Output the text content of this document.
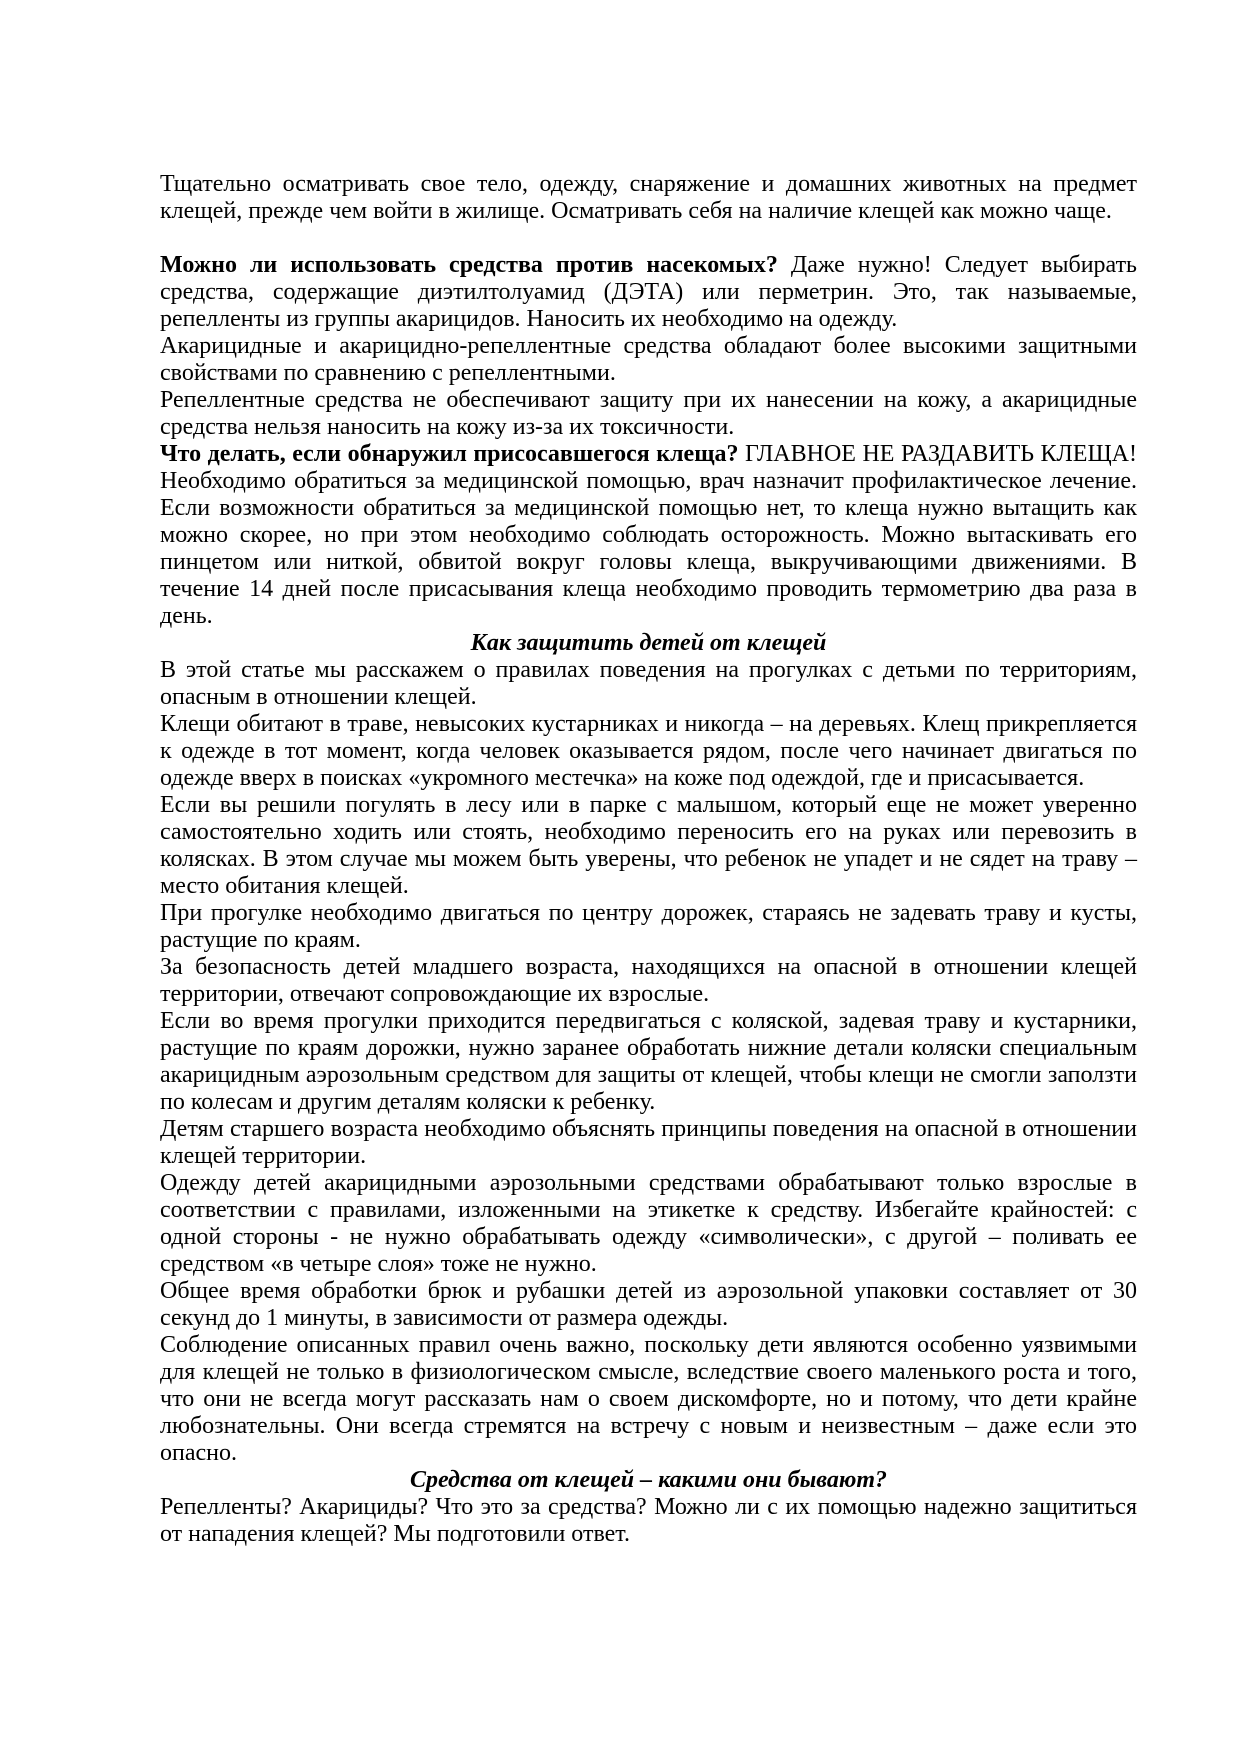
Тщательно осматривать свое тело, одежду, снаряжение и домашних животных на предмет клещей, прежде чем войти в жилище. Осматривать себя на наличие клещей как можно чаще.

Можно ли использовать средства против насекомых? Даже нужно! Следует выбирать средства, содержащие диэтилтолуамид (ДЭТА) или перметрин. Это, так называемые, репелленты из группы акарицидов. Наносить их необходимо на одежду.

Акарицидные и акарицидно-репеллентные средства обладают более высокими защитными свойствами по сравнению с репеллентными.

Репеллентные средства не обеспечивают защиту при их нанесении на кожу, а акарицидные средства нельзя наносить на кожу из-за их токсичности.

Что делать, если обнаружил присосавшегося клеща? ГЛАВНОЕ НЕ РАЗДАВИТЬ КЛЕЩА! Необходимо обратиться за медицинской помощью, врач назначит профилактическое лечение. Если возможности обратиться за медицинской помощью нет, то клеща нужно вытащить как можно скорее, но при этом необходимо соблюдать осторожность. Можно вытаскивать его пинцетом или ниткой, обвитой вокруг головы клеща, выкручивающими движениями. В течение 14 дней после присасывания клеща необходимо проводить термометрию два раза в день.

Как защитить детей от клещей

В этой статье мы расскажем о правилах поведения на прогулках с детьми по территориям, опасным в отношении клещей.

Клещи обитают в траве, невысоких кустарниках и никогда – на деревьях. Клещ прикрепляется к одежде в тот момент, когда человек оказывается рядом, после чего начинает двигаться по одежде вверх в поисках «укромного местечка» на коже под одеждой, где и присасывается.

Если вы решили погулять в лесу или в парке с малышом, который еще не может уверенно самостоятельно ходить или стоять, необходимо переносить его на руках или перевозить в колясках. В этом случае мы можем быть уверены, что ребенок не упадет и не сядет на траву – место обитания клещей.

При прогулке необходимо двигаться по центру дорожек, стараясь не задевать траву и кусты, растущие по краям.

За безопасность детей младшего возраста, находящихся на опасной в отношении клещей территории, отвечают сопровождающие их взрослые.

Если во время прогулки приходится передвигаться с коляской, задевая траву и кустарники, растущие по краям дорожки, нужно заранее обработать нижние детали коляски специальным акарицидным аэрозольным средством для защиты от клещей, чтобы клещи не смогли заползти по колесам и другим деталям коляски к ребенку.

Детям старшего возраста необходимо объяснять принципы поведения на опасной в отношении клещей территории.

Одежду детей акарицидными аэрозольными средствами обрабатывают только взрослые в соответствии с правилами, изложенными на этикетке к средству. Избегайте крайностей: с одной стороны - не нужно обрабатывать одежду «символически», с другой – поливать ее средством «в четыре слоя» тоже не нужно.

Общее время обработки брюк и рубашки детей из аэрозольной упаковки составляет от 30 секунд до 1 минуты, в зависимости от размера одежды.

Соблюдение описанных правил очень важно, поскольку дети являются особенно уязвимыми для клещей не только в физиологическом смысле, вследствие своего маленького роста и того, что они не всегда могут рассказать нам о своем дискомфорте, но и потому, что дети крайне любознательны. Они всегда стремятся на встречу с новым и неизвестным – даже если это опасно.

Средства от клещей – какими они бывают?

Репелленты? Акарициды? Что это за средства? Можно ли с их помощью надежно защититься от нападения клещей? Мы подготовили ответ.
